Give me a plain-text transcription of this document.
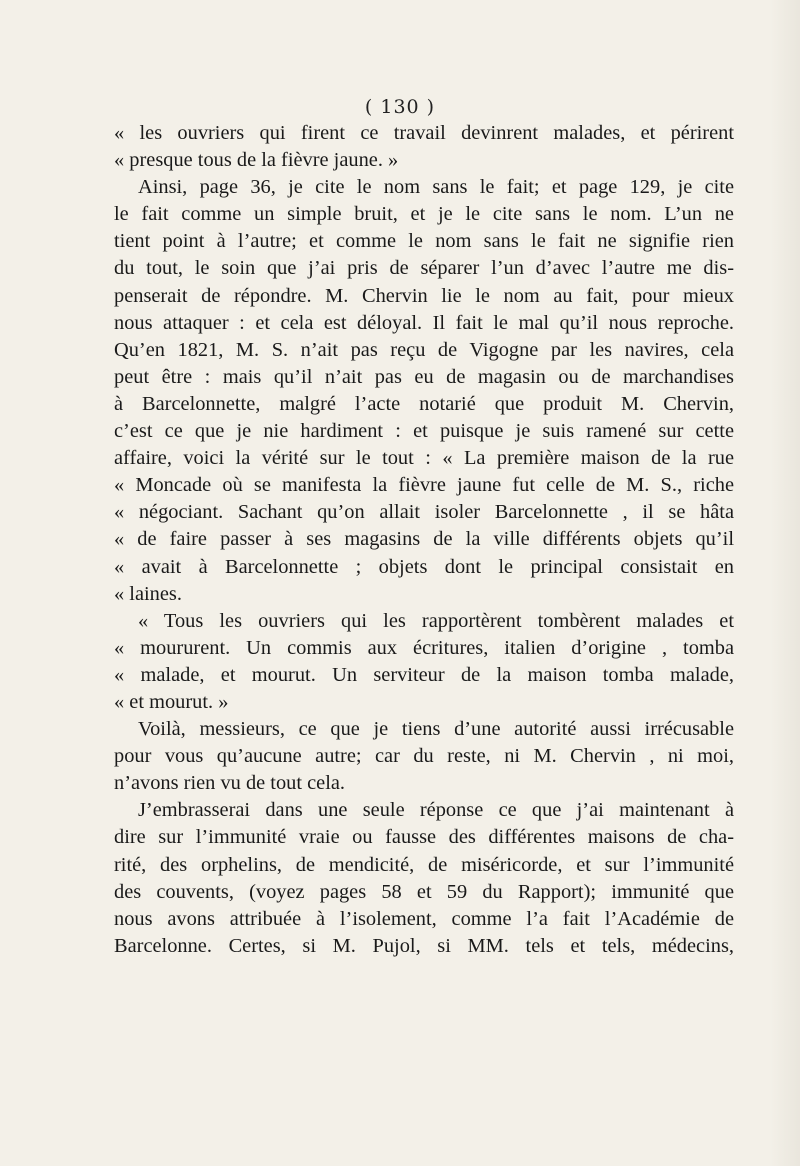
( 130 )
« les ouvriers qui firent ce travail devinrent malades, et périrent
« presque tous de la fièvre jaune. »
Ainsi, page 36, je cite le nom sans le fait; et page 129, je cite
le fait comme un simple bruit, et je le cite sans le nom. L’un ne
tient point à l’autre; et comme le nom sans le fait ne signifie rien
du tout, le soin que j’ai pris de séparer l’un d’avec l’autre me dis-
penserait de répondre. M. Chervin lie le nom au fait, pour mieux
nous attaquer : et cela est déloyal. Il fait le mal qu’il nous reproche.
Qu’en 1821, M. S. n’ait pas reçu de Vigogne par les navires, cela
peut être : mais qu’il n’ait pas eu de magasin ou de marchandises
à Barcelonnette, malgré l’acte notarié que produit M. Chervin,
c’est ce que je nie hardiment : et puisque je suis ramené sur cette
affaire, voici la vérité sur le tout : « La première maison de la rue
« Moncade où se manifesta la fièvre jaune fut celle de M. S., riche
« négociant. Sachant qu’on allait isoler Barcelonnette , il se hâta
« de faire passer à ses magasins de la ville différents objets qu’il
« avait à Barcelonnette ; objets dont le principal consistait en
« laines.
« Tous les ouvriers qui les rapportèrent tombèrent malades et
« moururent. Un commis aux écritures, italien d’origine , tomba
« malade, et mourut. Un serviteur de la maison tomba malade,
« et mourut. »
Voilà, messieurs, ce que je tiens d’une autorité aussi irrécusable
pour vous qu’aucune autre; car du reste, ni M. Chervin , ni moi,
n’avons rien vu de tout cela.
J’embrasserai dans une seule réponse ce que j’ai maintenant à
dire sur l’immunité vraie ou fausse des différentes maisons de cha-
rité, des orphelins, de mendicité, de miséricorde, et sur l’immunité
des couvents, (voyez pages 58 et 59 du Rapport); immunité que
nous avons attribuée à l’isolement, comme l’a fait l’Académie de
Barcelonne. Certes, si M. Pujol, si MM. tels et tels, médecins,
